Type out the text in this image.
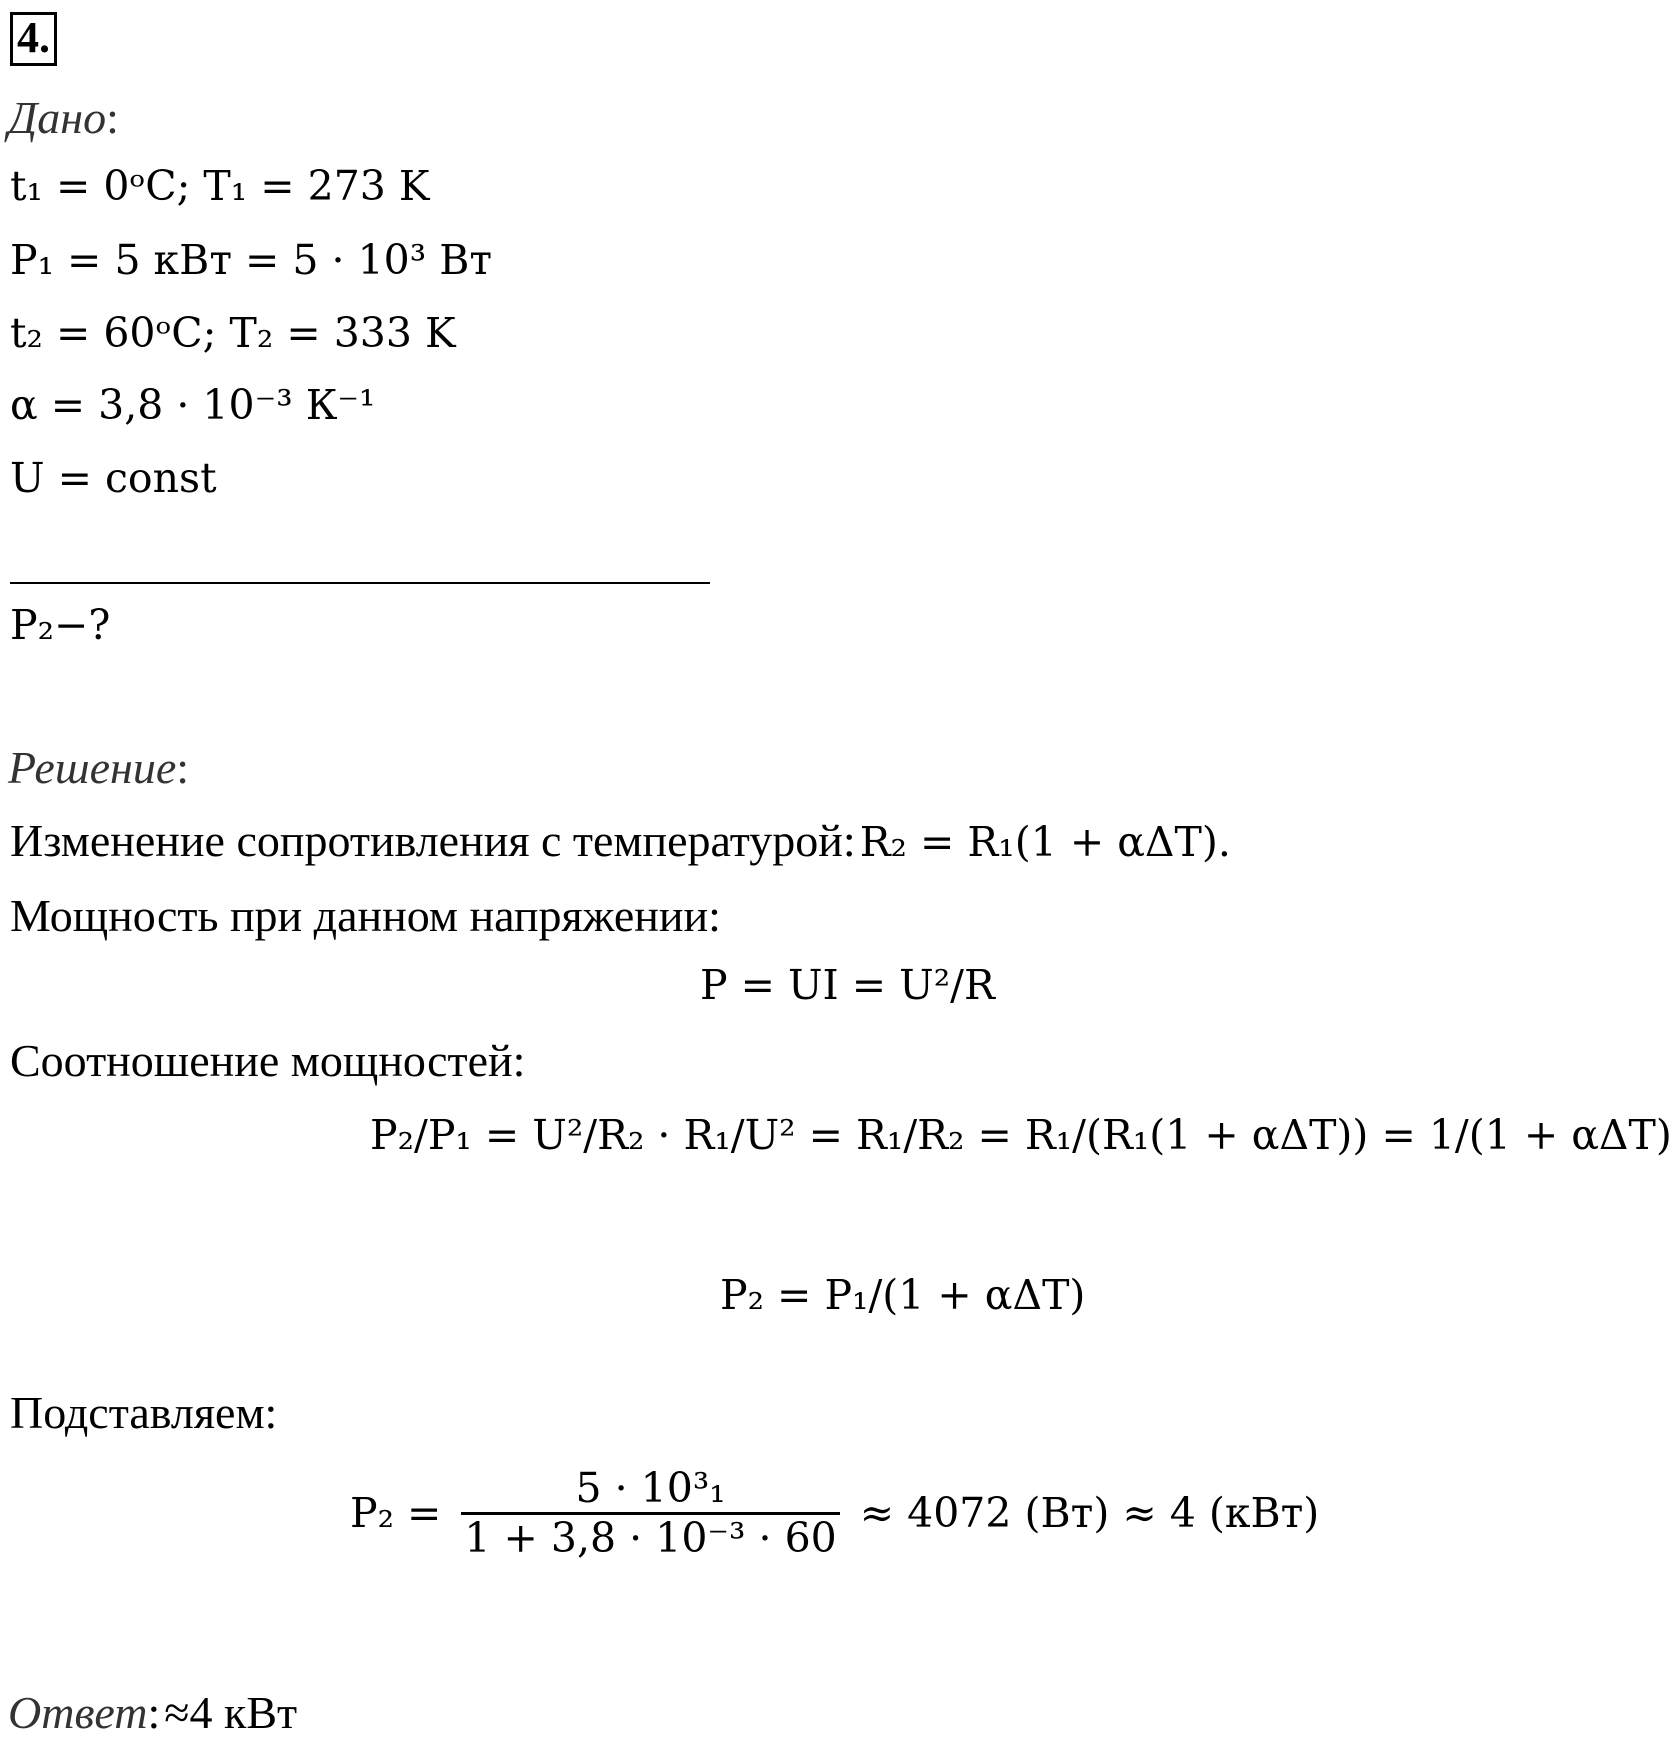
4.
Дано:
t₁ = 0ᵒC; T₁ = 273 K
P₁ = 5 кВт = 5 · 10³ Вт
t₂ = 60ᵒC; T₂ = 333 K
α = 3,8 · 10⁻³ К⁻¹
U = const
P₂−?
Решение:
Изменение сопротивления с температурой: R₂ = R₁(1 + αΔT).
Мощность при данном напряжении:
P = UI = U²/R
Соотношение мощностей:
P₂/P₁ = U²/R₂ · R₁/U² = R₁/R₂ = R₁/(R₁(1 + αΔT)) = 1/(1 + αΔT)
P₂ = P₁/(1 + αΔT)
Подставляем:
$P_2 = \frac{\text{5 · 10³₁}}{\text{1 + 3,8 · 10⁻³ · 60}} \approx 4072$ (Вт) ≈ 4 (кВт)
Ответ: ≈4 кВт
